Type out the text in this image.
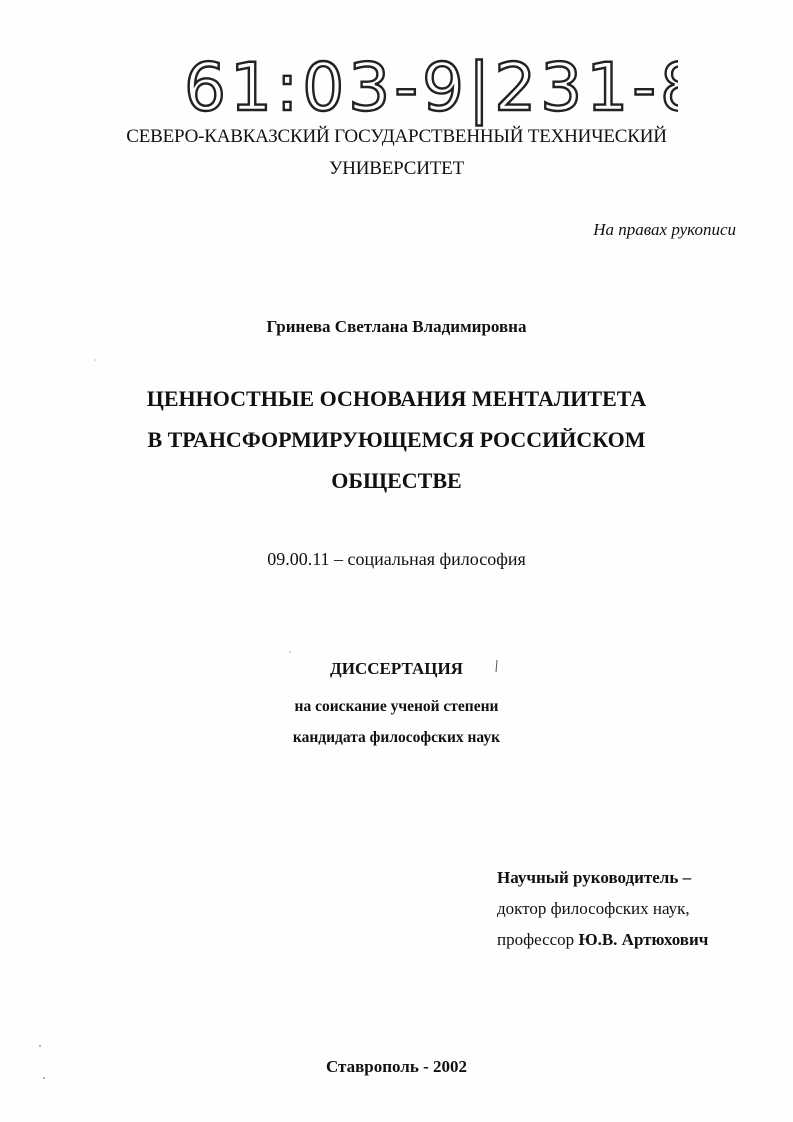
61:03-9|231-8
СЕВЕРО-КАВКАЗСКИЙ ГОСУДАРСТВЕННЫЙ ТЕХНИЧЕСКИЙ
УНИВЕРСИТЕТ
На правах рукописи
Гринева Светлана Владимировна
ЦЕННОСТНЫЕ ОСНОВАНИЯ МЕНТАЛИТЕТА
В ТРАНСФОРМИРУЮЩЕМСЯ РОССИЙСКОМ
ОБЩЕСТВЕ
09.00.11 – социальная философия
ДИССЕРТАЦИЯ
на соискание ученой степени
кандидата философских наук
Научный руководитель –
доктор философских наук,
профессор Ю.В. Артюхович
Ставрополь - 2002
